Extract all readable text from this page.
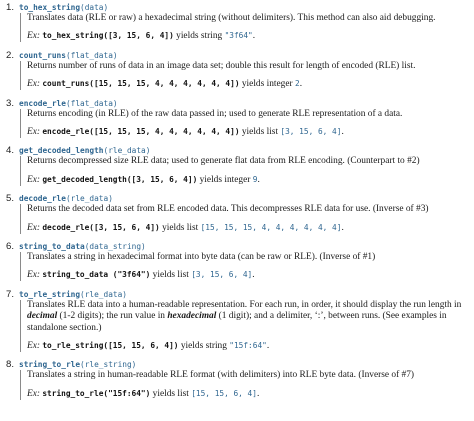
1. to_hex_string(data)
Translates data (RLE or raw) a hexadecimal string (without delimiters). This method can also aid debugging.
Ex: to_hex_string([3, 15, 6, 4]) yields string "3f64".
2. count_runs(flat_data)
Returns number of runs of data in an image data set; double this result for length of encoded (RLE) list.
Ex: count_runs([15, 15, 15, 4, 4, 4, 4, 4, 4]) yields integer 2.
3. encode_rle(flat_data)
Returns encoding (in RLE) of the raw data passed in; used to generate RLE representation of a data.
Ex: encode_rle([15, 15, 15, 4, 4, 4, 4, 4, 4]) yields list [3, 15, 6, 4].
4. get_decoded_length(rle_data)
Returns decompressed size RLE data; used to generate flat data from RLE encoding. (Counterpart to #2)
Ex: get_decoded_length([3, 15, 6, 4]) yields integer 9.
5. decode_rle(rle_data)
Returns the decoded data set from RLE encoded data. This decompresses RLE data for use. (Inverse of #3)
Ex: decode_rle([3, 15, 6, 4]) yields list [15, 15, 15, 4, 4, 4, 4, 4, 4].
6. string_to_data(data_string)
Translates a string in hexadecimal format into byte data (can be raw or RLE). (Inverse of #1)
Ex: string_to_data ("3f64") yields list [3, 15, 6, 4].
7. to_rle_string(rle_data)
Translates RLE data into a human-readable representation. For each run, in order, it should display the run length in decimal (1-2 digits); the run value in hexadecimal (1 digit); and a delimiter, ‘:’, between runs. (See examples in standalone section.)
Ex: to_rle_string([15, 15, 6, 4]) yields string "15f:64".
8. string_to_rle(rle_string)
Translates a string in human-readable RLE format (with delimiters) into RLE byte data. (Inverse of #7)
Ex: string_to_rle("15f:64") yields list [15, 15, 6, 4].
